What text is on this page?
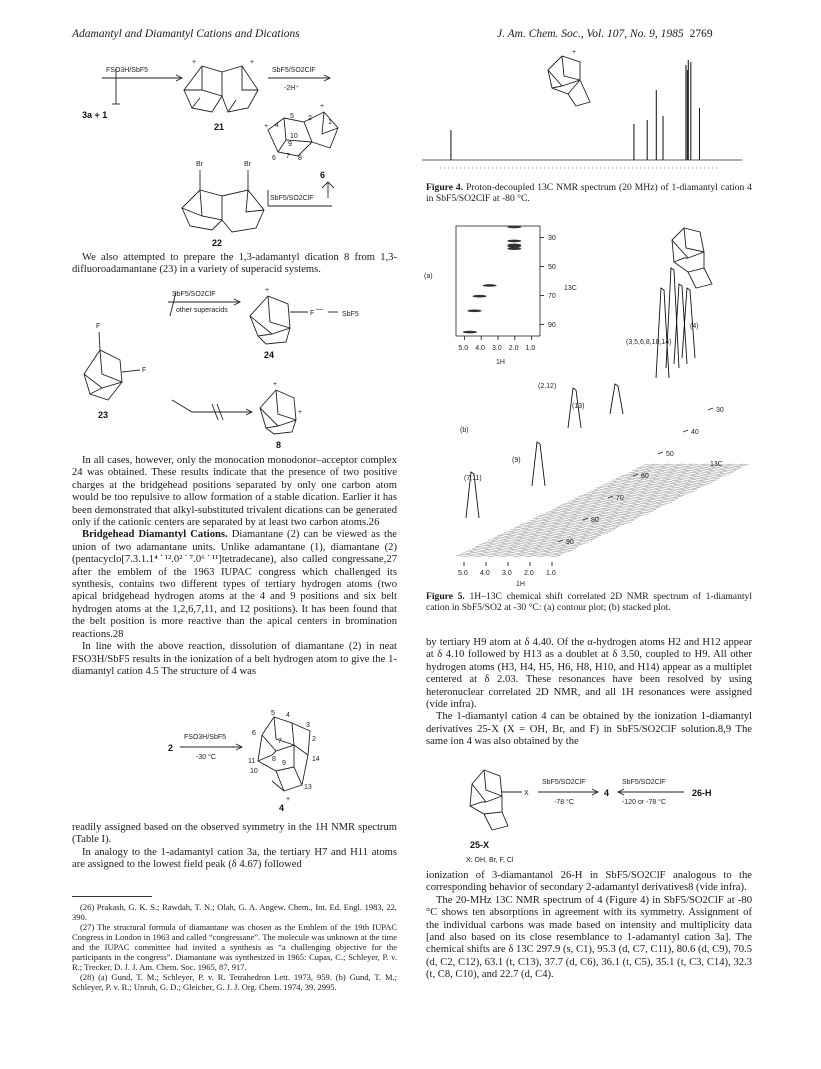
Adamantyl and Diamantyl Cations and Dications	J. Am. Chem. Soc., Vol. 107, No. 9, 1985 2769
FSO3H/SbF5
3a + 1
+	+
21
SbF5/SO2ClF
-2H⁺
4
5 2
1
10
9
6 7 8
+
+
6
Br	Br
SbF5/SO2ClF
22

We also attempted to prepare the 1,3-adamantyl dication 8 from 1,3-difluoroadamantane (23) in a variety of superacid systems.

SbF5/SO2ClF
other superacids
+
F
—
SbF5
24
F
F
23
+
+
8

In all cases, however, only the monocation monodonor–acceptor complex 24 was obtained. These results indicate that the presence of two positive charges at the bridgehead positions separated by only one carbon atom would be too repulsive to allow formation of a stable dication. Earlier it has been demonstrated that alkyl-substituted trivalent dications can be generated only if the cationic centers are separated by at least two carbon atoms.26

Bridgehead Diamantyl Cations. Diamantane (2) can be viewed as the union of two adamantane units. Unlike adamantane (1), diamantane (2) (pentacyclo[7.3.1.1⁴˙¹².0²˙⁷.0⁶˙¹¹]tetradecane), also called congressane,27 after the emblem of the 1963 IUPAC congress which challenged its synthesis, contains two different types of tertiary hydrogen atoms (two apical bridgehead hydrogen atoms at the 4 and 9 positions and six belt hydrogen atoms at the 1,2,6,7,11, and 12 positions). It has been found that the belt position is more reactive than the apical centers in bromination reactions.28

In line with the above reaction, dissolution of diamantane (2) in neat FSO3H/SbF5 results in the ionization of a belt hydrogen atom to give the 1-diamantyl cation 4.5 The structure of 4 was

2
FSO3H/SbF5
-30 °C
5 4
3
2
6
7
8
9
11
10
14
13
+
4

readily assigned based on the observed symmetry in the 1H NMR spectrum (Table I).

In analogy to the 1-adamantyl cation 3a, the tertiary H7 and H11 atoms are assigned to the lowest field peak (δ 4.67) followed

(26) Prakash, G. K. S.; Rawdah, T. N.; Olah, G. A. Angew. Chem., Int. Ed. Engl. 1983, 22, 390.

(27) The structural formula of diamantane was chosen as the Emblem of the 19th IUPAC Congress in London in 1963 and called “congressane”. The molecule was unknown at the time and the IUPAC committee had invited a synthesis as “a challenging objective for the participants in the congress”. Diamantane was synthesized in 1965: Cupas, C.; Schleyer, P. v. R.; Trecker, D. J. J. Am. Chem. Soc. 1965, 87, 917.

(28) (a) Gund, T. M.; Schleyer, P. v. R. Tetrahedron Lett. 1973, 959. (b) Gund, T. M.; Schleyer, P. v. R.; Unruh, G. D.; Gleicher, G. J. J. Org. Chem. 1974, 39, 2995.

+
Figure 4. Proton-decoupled 13C NMR spectrum (20 MHz) of 1-diamantyl cation 4 in SbF5/SO2ClF at -80 °C.
(a)
30
50
70
90
13C
5.0 4.0 3.0 2.0 1.0
1H
(b)
30
40
50
60
70
80
90
13C
5.0 4.0 3.0 2.0 1.0
1H
(3,5,6,8,10,14)
(4)
(2,12)
(13)
(9)
(7,11)
Figure 5. 1H–13C chemical shift correlated 2D NMR spectrum of 1-diamantyl cation in SbF5/SO2 at -30 °C: (a) contour plot; (b) stacked plot.

by tertiary H9 atom at δ 4.40. Of the α-hydrogen atoms H2 and H12 appear at δ 4.10 followed by H13 as a doublet at δ 3.50, coupled to H9. All other hydrogen atoms (H3, H4, H5, H6, H8, H10, and H14) appear as a multiplet centered at δ 2.03. These resonances have been resolved by using heteronuclear correlated 2D NMR, and all 1H resonances were assigned (vide infra).

The 1-diamantyl cation 4 can be obtained by the ionization 1-diamantyl derivatives 25-X (X = OH, Br, and F) in SbF5/SO2ClF solution.8,9 The same ion 4 was also obtained by the

X
SbF5/SO2ClF
-78 °C
4
SbF5/SO2ClF
-120 or -78 °C
26-H
25-X
X: OH, Br, F, Cl

ionization of 3-diamantanol 26-H in SbF5/SO2ClF analogous to the corresponding behavior of secondary 2-adamantyl derivatives8 (vide infra).

The 20-MHz 13C NMR spectrum of 4 (Figure 4) in SbF5/SO2ClF at -80 °C shows ten absorptions in agreement with its symmetry. Assignment of the individual carbons was made based on intensity and multiplicity data [and also based on its close resemblance to 1-adamantyl cation 3a]. The chemical shifts are δ 13C 297.9 (s, C1), 95.3 (d, C7, C11), 80.6 (d, C9), 70.5 (d, C2, C12), 63.1 (t, C13), 37.7 (d, C6), 36.1 (t, C5), 35.1 (t, C3, C14), 32.3 (t, C8, C10), and 22.7 (d, C4).
